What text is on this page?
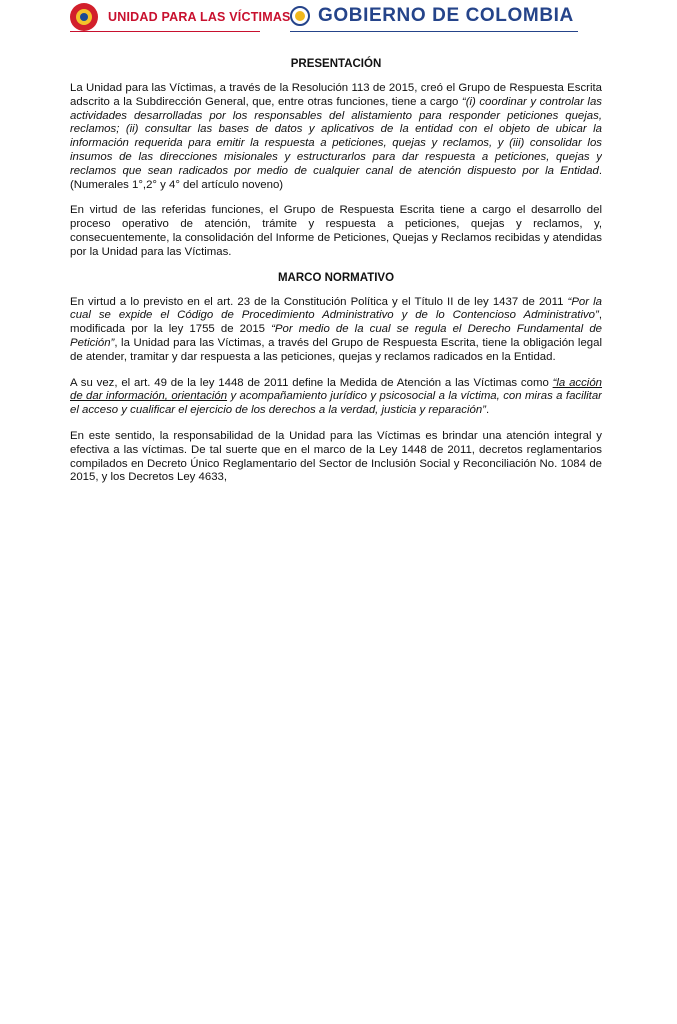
UNIDAD PARA LAS VÍCTIMAS GOBIERNO DE COLOMBIA
PRESENTACIÓN

La Unidad para las Víctimas, a través de la Resolución 113 de 2015, creó el Grupo de Respuesta Escrita adscrito a la Subdirección General, que, entre otras funciones, tiene a cargo “(i) coordinar y controlar las actividades desarrolladas por los responsables del alistamiento para responder peticiones quejas, reclamos; (ii) consultar las bases de datos y aplicativos de la entidad con el objeto de ubicar la información requerida para emitir la respuesta a peticiones, quejas y reclamos, y (iii) consolidar los insumos de las direcciones misionales y estructurarlos para dar respuesta a peticiones, quejas y reclamos que sean radicados por medio de cualquier canal de atención dispuesto por la Entidad. (Numerales 1°,2° y 4° del artículo noveno)

En virtud de las referidas funciones, el Grupo de Respuesta Escrita tiene a cargo el desarrollo del proceso operativo de atención, trámite y respuesta a peticiones, quejas y reclamos, y, consecuentemente, la consolidación del Informe de Peticiones, Quejas y Reclamos recibidas y atendidas por la Unidad para las Víctimas.

MARCO NORMATIVO

En virtud a lo previsto en el art. 23 de la Constitución Política y el Título II de ley 1437 de 2011 “Por la cual se expide el Código de Procedimiento Administrativo y de lo Contencioso Administrativo”, modificada por la ley 1755 de 2015 “Por medio de la cual se regula el Derecho Fundamental de Petición”, la Unidad para las Víctimas, a través del Grupo de Respuesta Escrita, tiene la obligación legal de atender, tramitar y dar respuesta a las peticiones, quejas y reclamos radicados en la Entidad.

A su vez, el art. 49 de la ley 1448 de 2011 define la Medida de Atención a las Víctimas como “la acción de dar información, orientación y acompañamiento jurídico y psicosocial a la víctima, con miras a facilitar el acceso y cualificar el ejercicio de los derechos a la verdad, justicia y reparación”.

En este sentido, la responsabilidad de la Unidad para las Víctimas es brindar una atención integral y efectiva a las víctimas. De tal suerte que en el marco de la Ley 1448 de 2011, decretos reglamentarios compilados en Decreto Único Reglamentario del Sector de Inclusión Social y Reconciliación No. 1084 de 2015, y los Decretos Ley 4633,
